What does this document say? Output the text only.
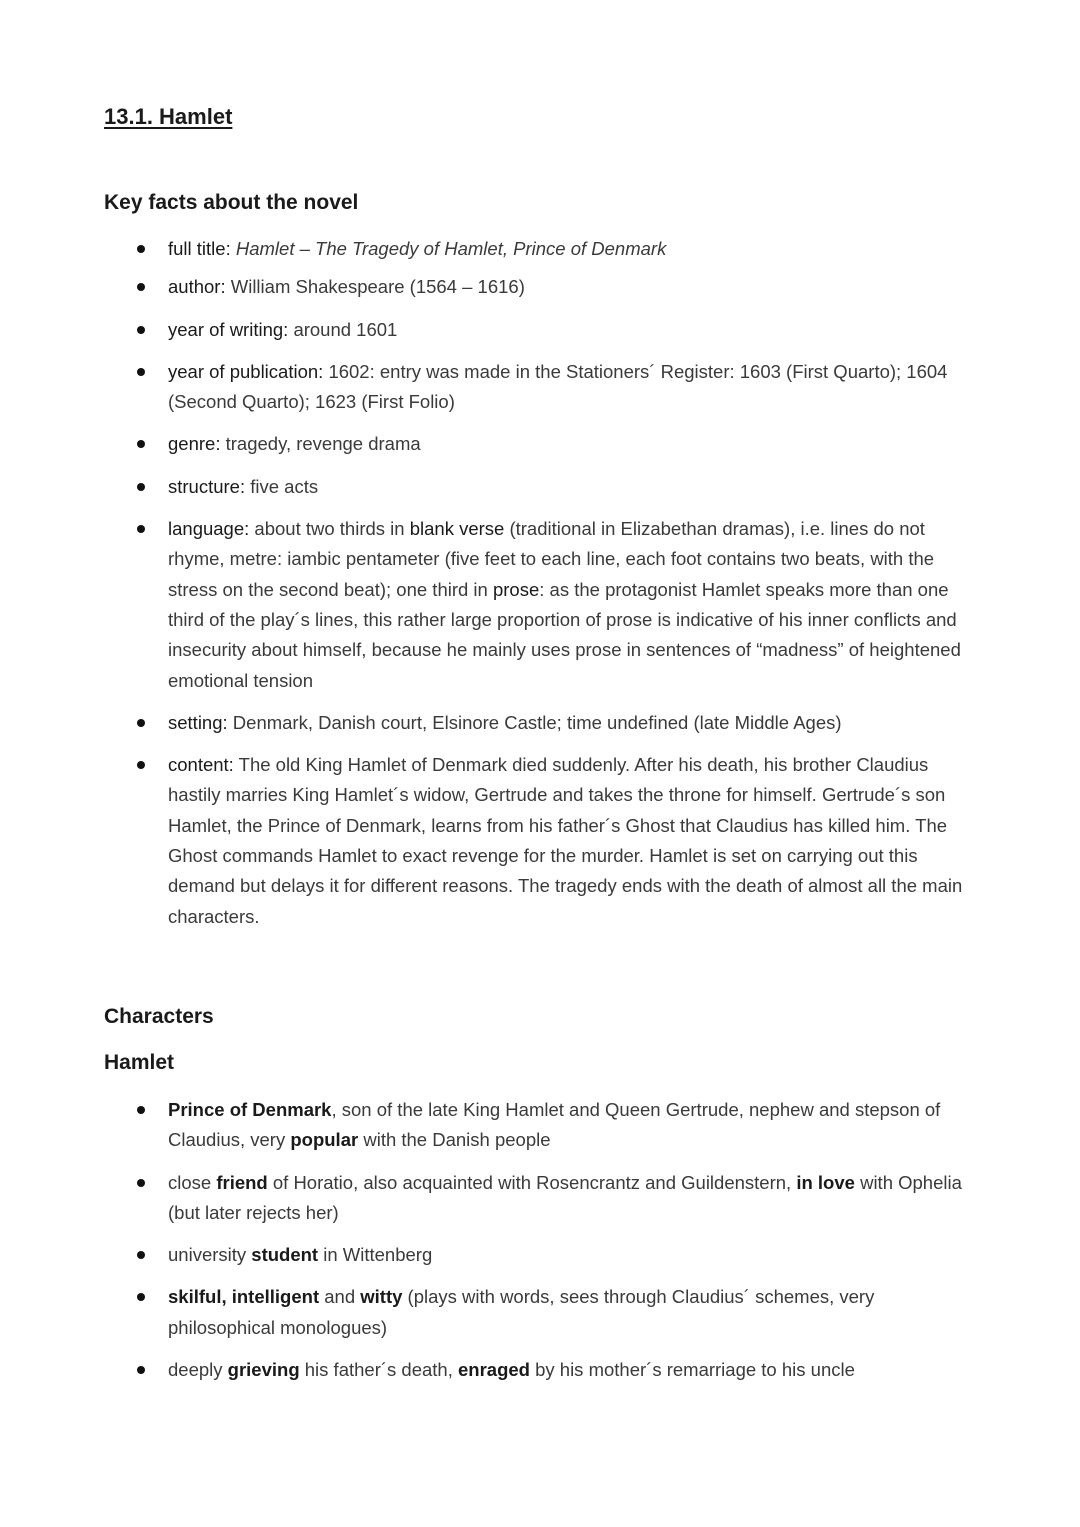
13.1. Hamlet
Key facts about the novel
full title: Hamlet – The Tragedy of Hamlet, Prince of Denmark
author: William Shakespeare (1564 – 1616)
year of writing: around 1601
year of publication: 1602: entry was made in the Stationers´ Register: 1603 (First Quarto); 1604 (Second Quarto); 1623 (First Folio)
genre: tragedy, revenge drama
structure: five acts
language: about two thirds in blank verse (traditional in Elizabethan dramas), i.e. lines do not rhyme, metre: iambic pentameter (five feet to each line, each foot contains two beats, with the stress on the second beat); one third in prose: as the protagonist Hamlet speaks more than one third of the play´s lines, this rather large proportion of prose is indicative of his inner conflicts and insecurity about himself, because he mainly uses prose in sentences of “madness” of heightened emotional tension
setting: Denmark, Danish court, Elsinore Castle; time undefined (late Middle Ages)
content: The old King Hamlet of Denmark died suddenly. After his death, his brother Claudius hastily marries King Hamlet´s widow, Gertrude and takes the throne for himself. Gertrude´s son Hamlet, the Prince of Denmark, learns from his father´s Ghost that Claudius has killed him. The Ghost commands Hamlet to exact revenge for the murder. Hamlet is set on carrying out this demand but delays it for different reasons. The tragedy ends with the death of almost all the main characters.
Characters
Hamlet
Prince of Denmark, son of the late King Hamlet and Queen Gertrude, nephew and stepson of Claudius, very popular with the Danish people
close friend of Horatio, also acquainted with Rosencrantz and Guildenstern, in love with Ophelia (but later rejects her)
university student in Wittenberg
skilful, intelligent and witty (plays with words, sees through Claudius´ schemes, very philosophical monologues)
deeply grieving his father´s death, enraged by his mother´s remarriage to his uncle
